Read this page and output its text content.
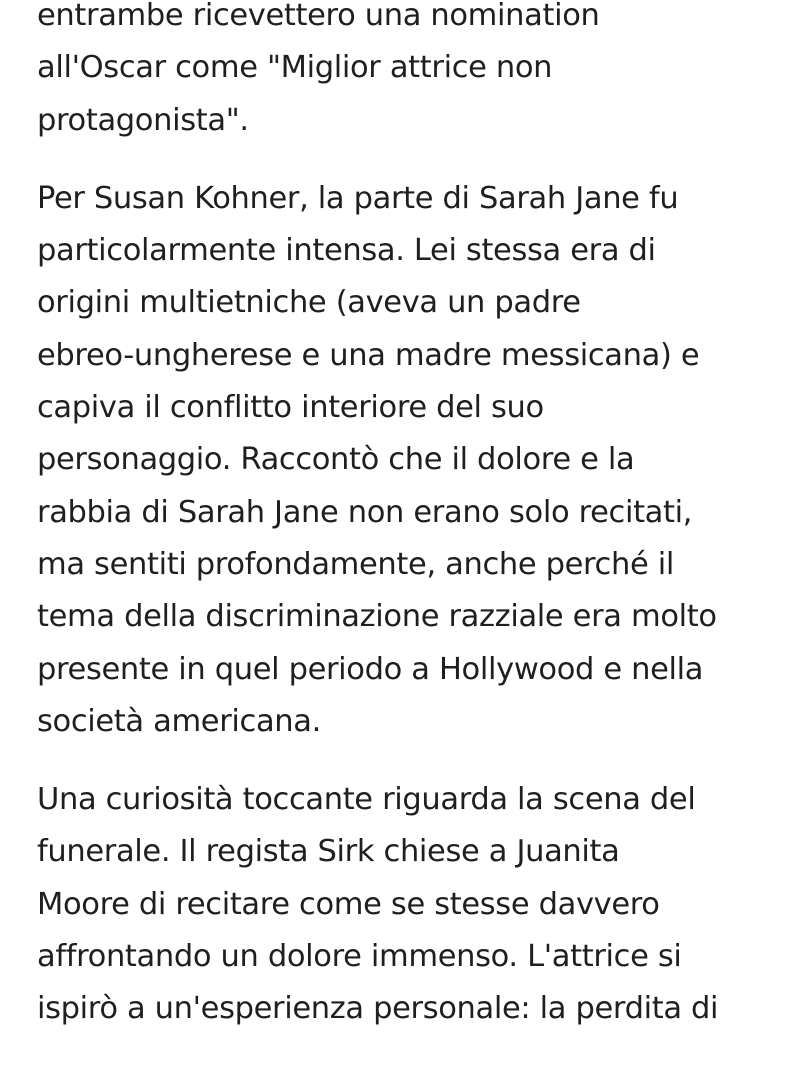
entrambe ricevettero una nomination
all'Oscar come "Miglior attrice non
protagonista".

Per Susan Kohner, la parte di Sarah Jane fu
particolarmente intensa. Lei stessa era di
origini multietniche (aveva un padre
ebreo-ungherese e una madre messicana) e
capiva il conflitto interiore del suo
personaggio. Raccontò che il dolore e la
rabbia di Sarah Jane non erano solo recitati,
ma sentiti profondamente, anche perché il
tema della discriminazione razziale era molto
presente in quel periodo a Hollywood e nella
società americana.

Una curiosità toccante riguarda la scena del
funerale. Il regista Sirk chiese a Juanita
Moore di recitare come se stesse davvero
affrontando un dolore immenso. L'attrice si
ispirò a un'esperienza personale: la perdita di
